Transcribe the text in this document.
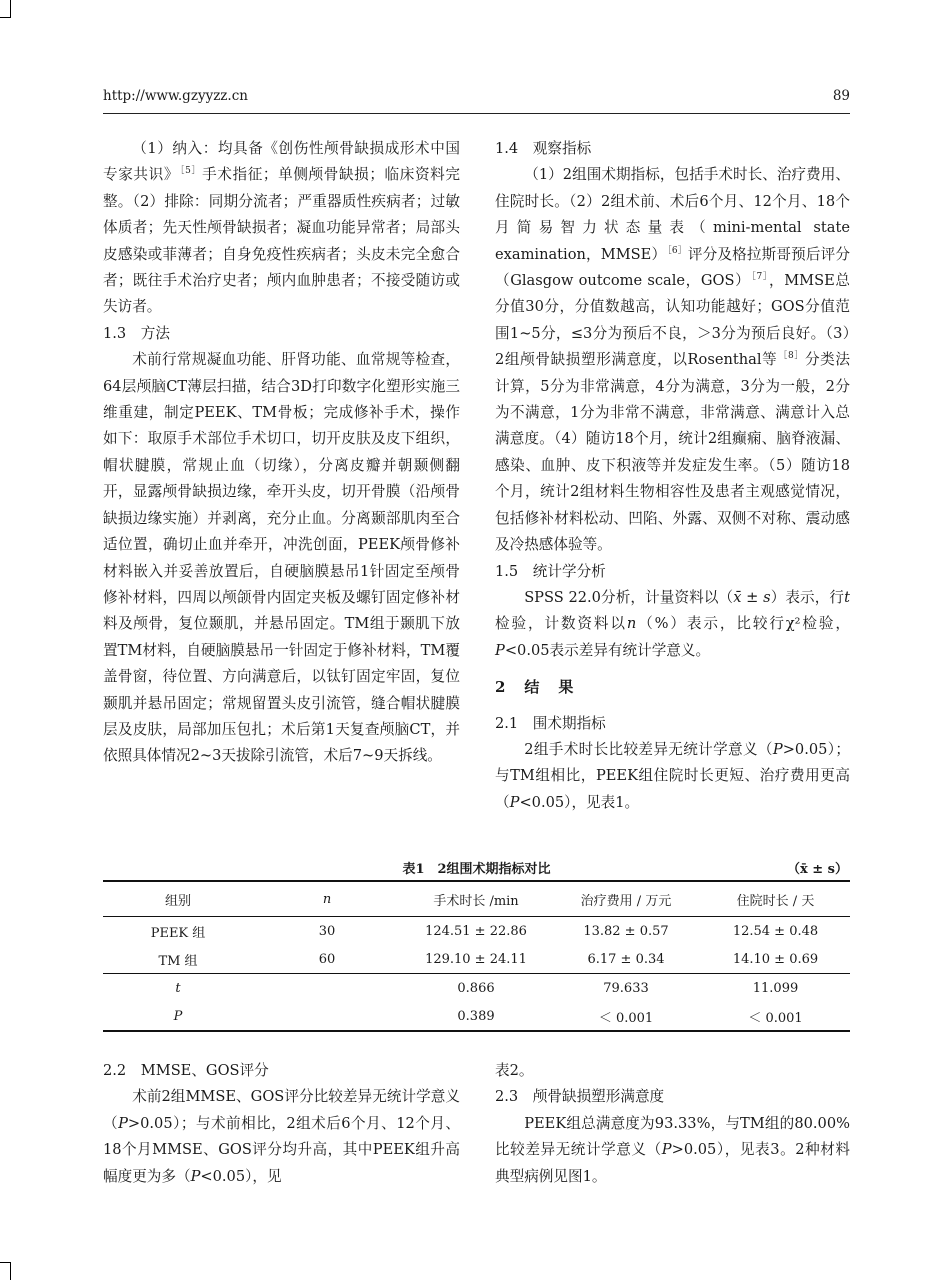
http://www.gzyyzz.cn	89

（1）纳入：均具备《创伤性颅骨缺损成形术中国专家共识》$^{[5]}$手术指征；单侧颅骨缺损；临床资料完整。（2）排除：同期分流者；严重器质性疾病者；过敏体质者；先天性颅骨缺损者；凝血功能异常者；局部头皮感染或菲薄者；自身免疫性疾病者；头皮未完全愈合者；既往手术治疗史者；颅内血肿患者；不接受随访或失访者。

1.3　方法

术前行常规凝血功能、肝肾功能、血常规等检查，64层颅脑CT薄层扫描，结合3D打印数字化塑形实施三维重建，制定PEEK、TM骨板；完成修补手术，操作如下：取原手术部位手术切口，切开皮肤及皮下组织，帽状腱膜，常规止血（切缘），分离皮瓣并朝颞侧翻开，显露颅骨缺损边缘，牵开头皮，切开骨膜（沿颅骨缺损边缘实施）并剥离，充分止血。分离颞部肌肉至合适位置，确切止血并牵开，冲洗创面，PEEK颅骨修补材料嵌入并妥善放置后，自硬脑膜悬吊1针固定至颅骨修补材料，四周以颅颌骨内固定夹板及螺钉固定修补材料及颅骨，复位颞肌，并悬吊固定。TM组于颞肌下放置TM材料，自硬脑膜悬吊一针固定于修补材料，TM覆盖骨窗，待位置、方向满意后，以钛钉固定牢固，复位颞肌并悬吊固定；常规留置头皮引流管，缝合帽状腱膜层及皮肤，局部加压包扎；术后第1天复查颅脑CT，并依照具体情况2~3天拔除引流管，术后7~9天拆线。

1.4　观察指标

（1）2组围术期指标，包括手术时长、治疗费用、住院时长。（2）2组术前、术后6个月、12个月、18个月简易智力状态量表（mini-mental state examination，MMSE）$^{[6]}$评分及格拉斯哥预后评分（Glasgow outcome scale，GOS）$^{[7]}$，MMSE总分值30分，分值数越高，认知功能越好；GOS分值范围1~5分，≤3分为预后不良，＞3分为预后良好。（3）2组颅骨缺损塑形满意度，以Rosenthal等$^{[8]}$分类法计算，5分为非常满意，4分为满意，3分为一般，2分为不满意，1分为非常不满意，非常满意、满意计入总满意度。（4）随访18个月，统计2组癫痫、脑脊液漏、感染、血肿、皮下积液等并发症发生率。（5）随访18个月，统计2组材料生物相容性及患者主观感觉情况，包括修补材料松动、凹陷、外露、双侧不对称、震动感及冷热感体验等。

1.5　统计学分析

SPSS 22.0分析，计量资料以（x̄ ± s）表示，行t检验，计数资料以n（%）表示，比较行χ²检验，P<0.05表示差异有统计学意义。

2　结　果

2.1　围术期指标

2组手术时长比较差异无统计学意义（P>0.05）；与TM组相比，PEEK组住院时长更短、治疗费用更高（P<0.05），见表1。

表1　2组围术期指标对比	（x̄ ± s）
组别	n	手术时长 /min	治疗费用 / 万元	住院时长 / 天
PEEK 组	30	124.51 ± 22.86	13.82 ± 0.57	12.54 ± 0.48
TM 组	60	129.10 ± 24.11	6.17 ± 0.34	14.10 ± 0.69
t		0.866	79.633	11.099
P		0.389	＜ 0.001	＜ 0.001

2.2　MMSE、GOS评分

术前2组MMSE、GOS评分比较差异无统计学意义（P>0.05）；与术前相比，2组术后6个月、12个月、18个月MMSE、GOS评分均升高，其中PEEK组升高幅度更为多（P<0.05），见

表2。

2.3　颅骨缺损塑形满意度

PEEK组总满意度为93.33%，与TM组的80.00%比较差异无统计学意义（P>0.05），见表3。2种材料典型病例见图1。
